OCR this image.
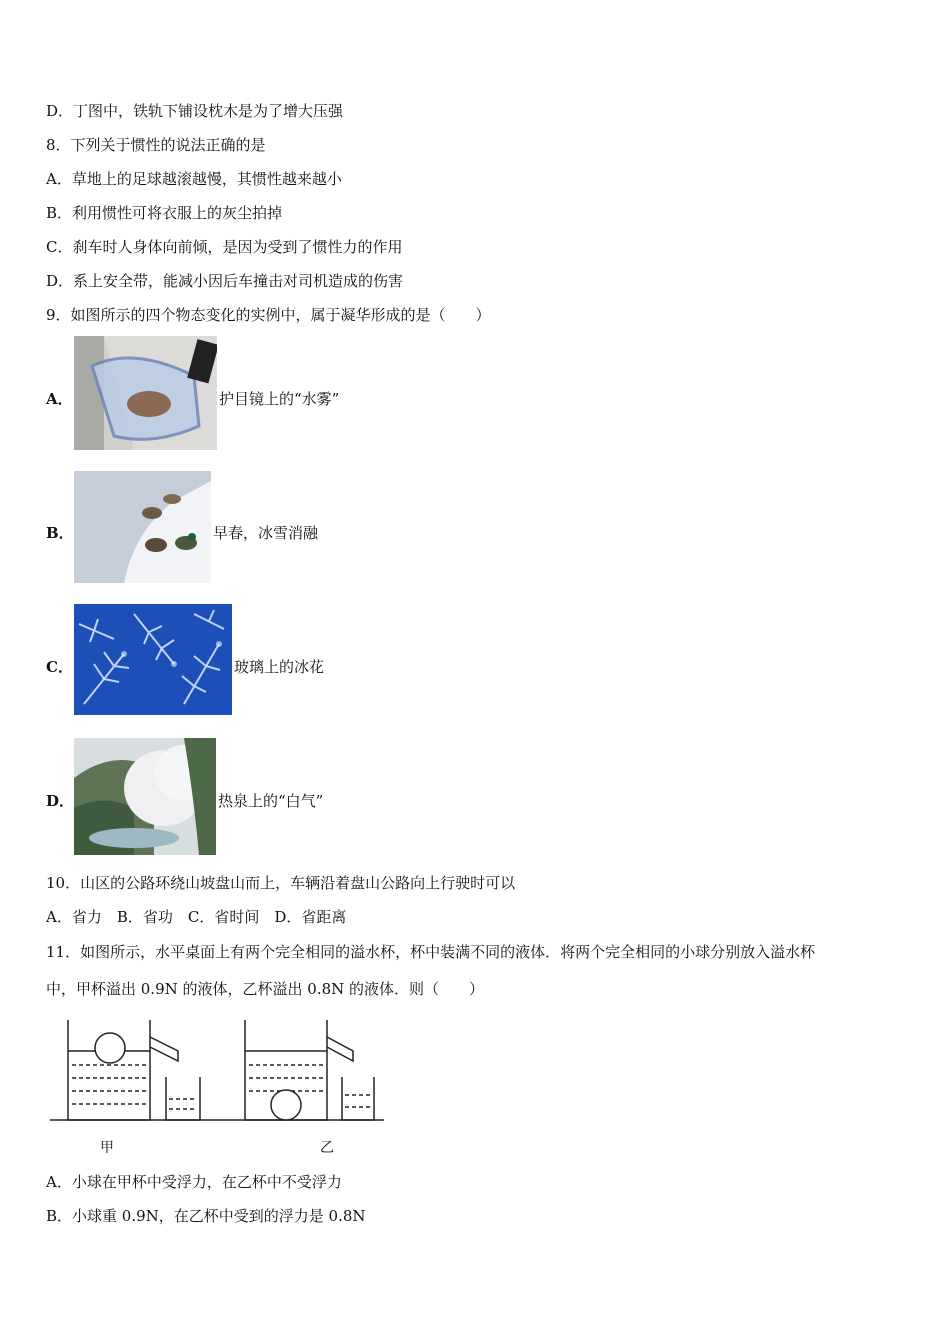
D．丁图中，铁轨下铺设枕木是为了增大压强
8．下列关于惯性的说法正确的是
A．草地上的足球越滚越慢，其惯性越来越小
B．利用惯性可将衣服上的灰尘拍掉
C．刹车时人身体向前倾，是因为受到了惯性力的作用
D．系上安全带，能减小因后车撞击对司机造成的伤害
9．如图所示的四个物态变化的实例中，属于凝华形成的是（　　）
A．	护目镜上的“水雾”
B．	早春，冰雪消融
C．	玻璃上的冰花
D．	热泉上的“白气”
10．山区的公路环绕山坡盘山而上，车辆沿着盘山公路向上行驶时可以
A．省力　B．省功　C．省时间　D．省距离
11．如图所示，水平桌面上有两个完全相同的溢水杯，杯中装满不同的液体．将两个完全相同的小球分别放入溢水杯
中，甲杯溢出 0.9N 的液体，乙杯溢出 0.8N 的液体．则（　　）
甲	乙
A．小球在甲杯中受浮力，在乙杯中不受浮力
B．小球重 0.9N，在乙杯中受到的浮力是 0.8N
